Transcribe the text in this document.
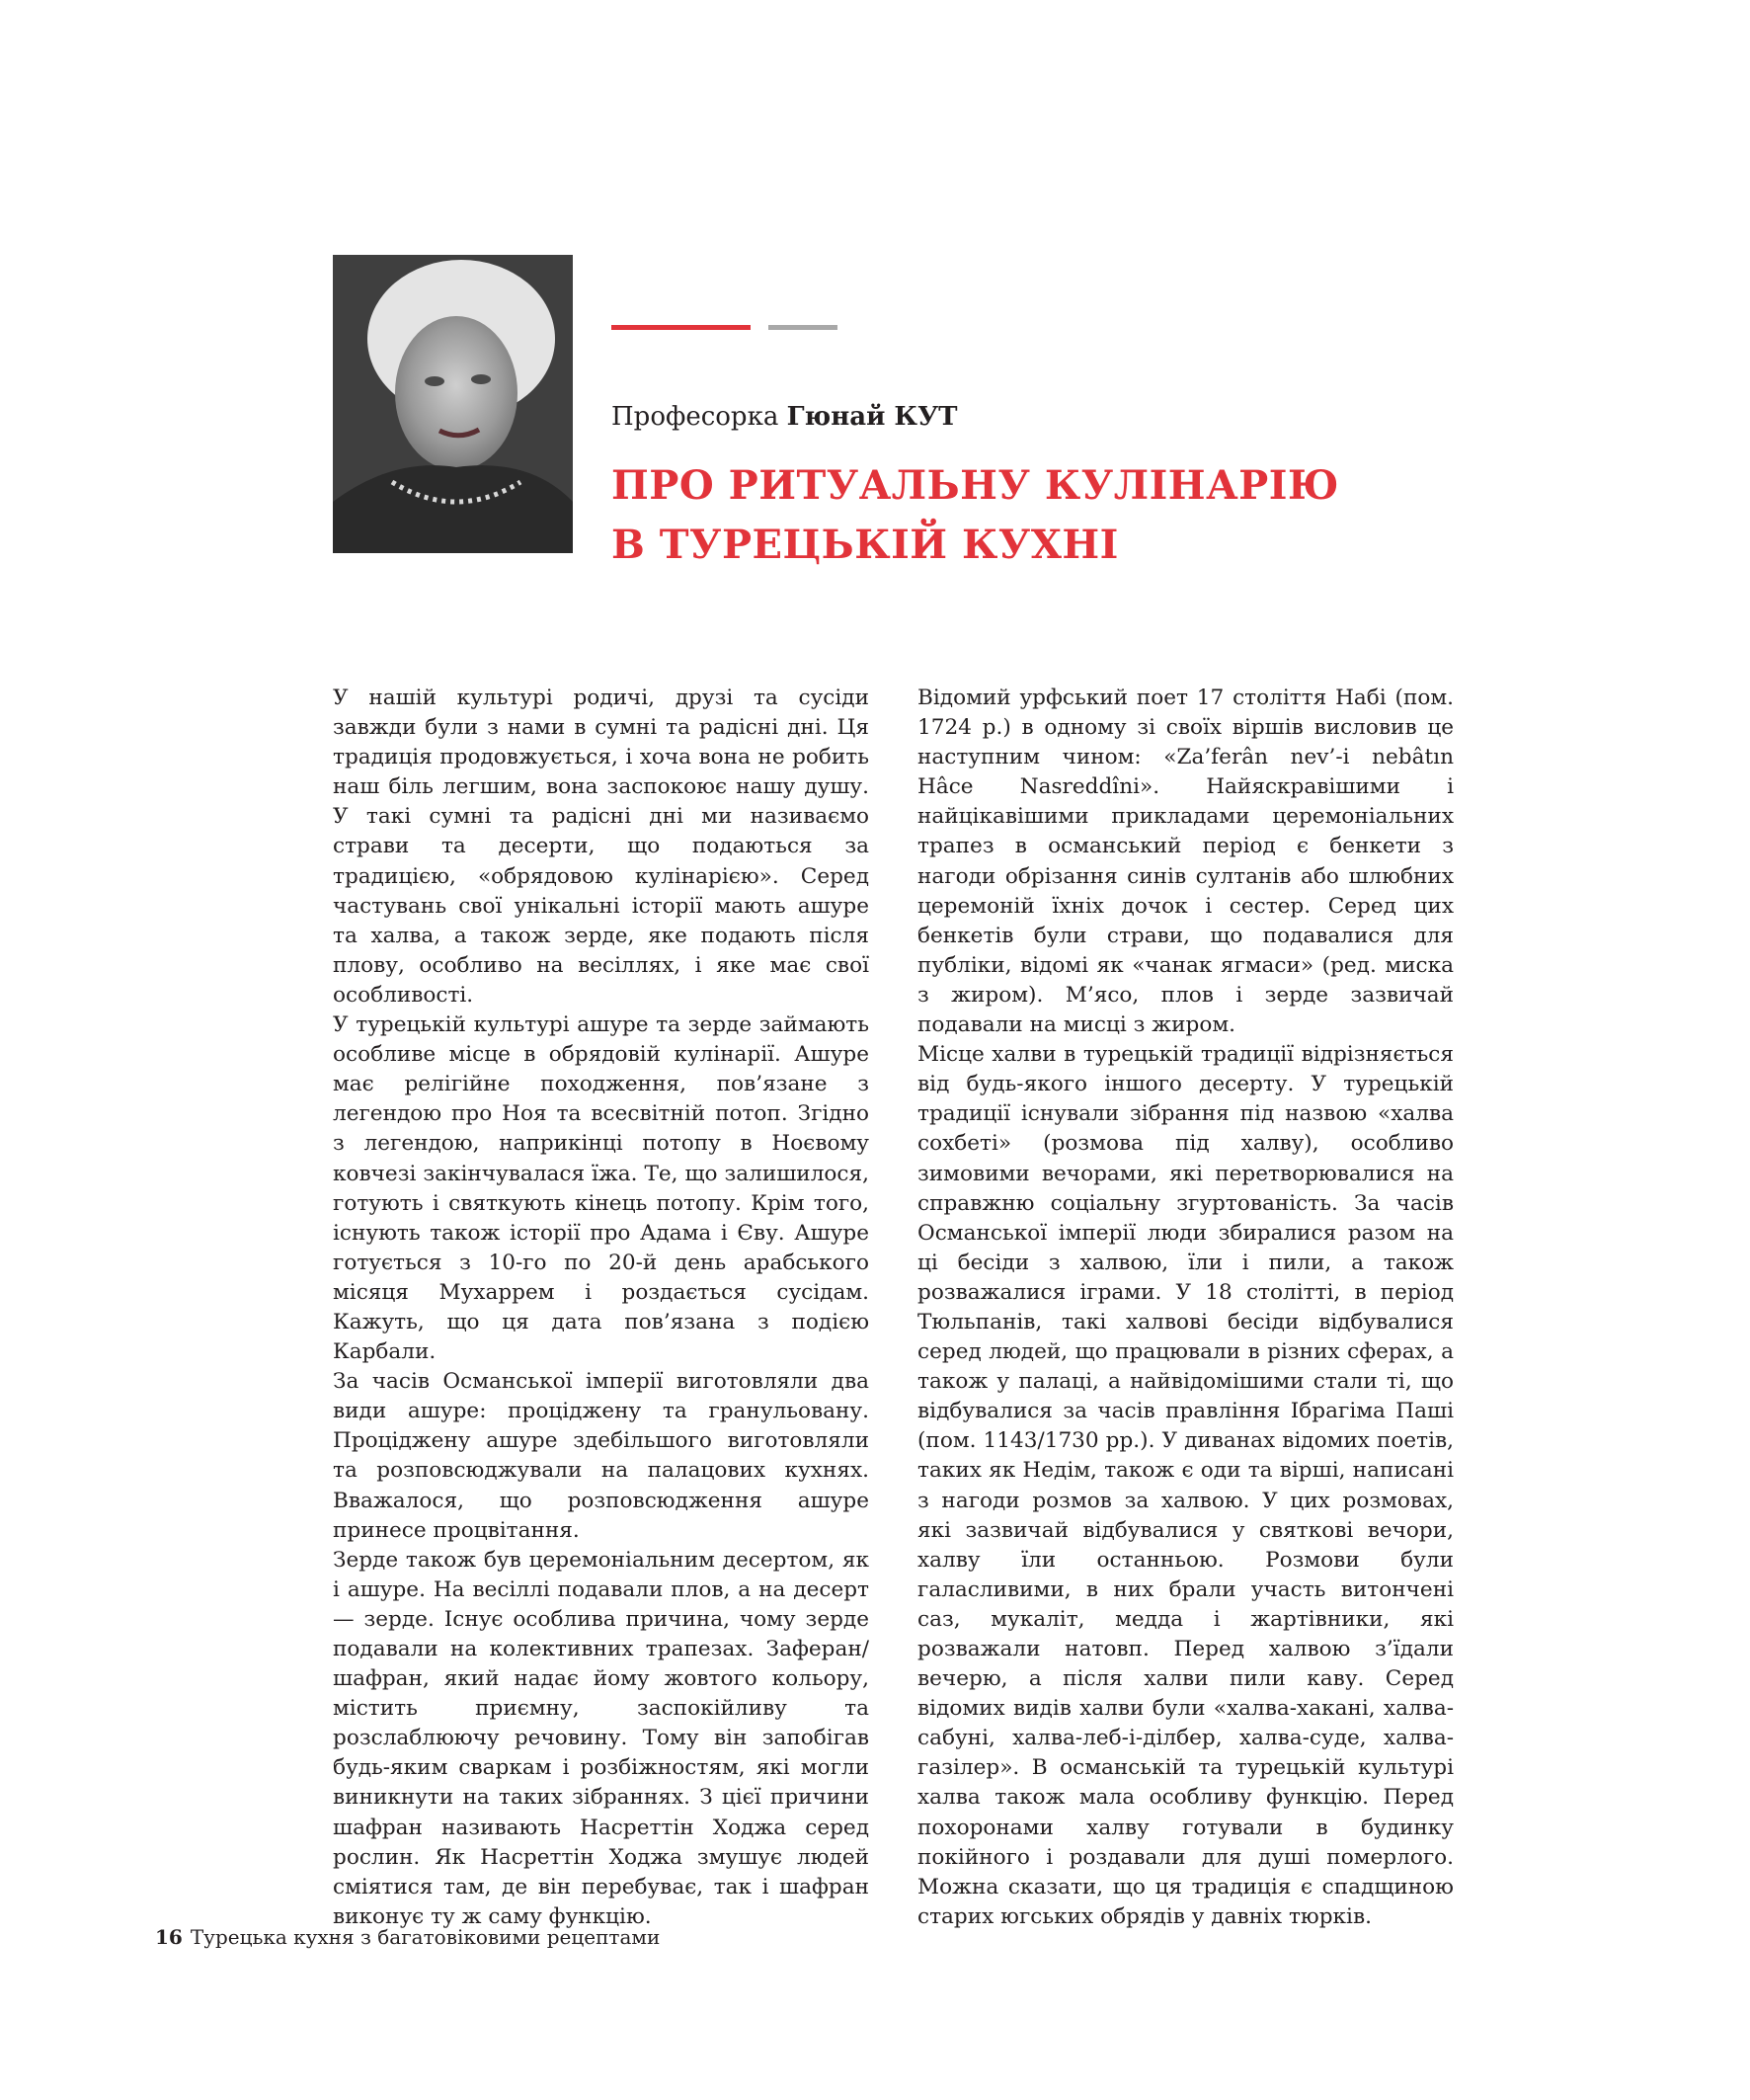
Професорка Гюнай КУТ
ПРО РИТУАЛЬНУ КУЛІНАРІЮ
В ТУРЕЦЬКІЙ КУХНІ

У нашій культурі родичі, друзі та сусіди завжди були з нами в сумні та радісні дні. Ця традиція продовжується, і хоча вона не робить наш біль легшим, вона заспокоює нашу душу. У такі сумні та радісні дні ми називаємо страви та десерти, що подаються за традицією, «обрядовою кулінарією». Серед частувань свої унікальні історії мають ашуре та халва, а також зерде, яке подають після плову, особливо на весіллях, і яке має свої особливості.

У турецькій культурі ашуре та зерде займають особливе місце в обрядовій кулінарії. Ашуре має релігійне походження, пов’язане з легендою про Ноя та всесвітній потоп. Згідно з легендою, наприкінці потопу в Ноєвому ковчезі закінчувалася їжа. Те, що залишилося, готують і святкують кінець потопу. Крім того, існують також історії про Адама і Єву. Ашуре готується з 10-го по 20-й день арабського місяця Мухаррем і роздається сусідам. Кажуть, що ця дата пов’язана з подією Карбали.

За часів Османської імперії виготовляли два види ашуре: проціджену та гранульовану. Проціджену ашуре здебільшого виготовляли та розповсюджували на палацових кухнях. Вважалося, що розповсюдження ашуре принесе процвітання.

Зерде також був церемоніальним десертом, як і ашуре. На весіллі подавали плов, а на десерт — зерде. Існує особлива причина, чому зерде подавали на колективних трапезах. Заферан/шафран, який надає йому жовтого кольору, містить приємну, заспокійливу та розслаблюючу речовину. Тому він запобігав будь-яким сваркам і розбіжностям, які могли виникнути на таких зібраннях. З цієї причини шафран називають Насреттін Ходжа серед рослин. Як Насреттін Ходжа змушує людей сміятися там, де він перебуває, так і шафран виконує ту ж саму функцію.

Відомий урфський поет 17 століття Набі (пом. 1724 р.) в одному зі своїх віршів висловив це наступним чином: «Za’ferân nev’-i nebâtın Hâce Nasreddîni». Найяскравішими і найцікавішими прикладами церемоніальних трапез в османський період є бенкети з нагоди обрізання синів султанів або шлюбних церемоній їхніх дочок і сестер. Серед цих бенкетів були страви, що подавалися для публіки, відомі як «чанак ягмаси» (ред. миска з жиром). М’ясо, плов і зерде зазвичай подавали на мисці з жиром.

Місце халви в турецькій традиції відрізняється від будь-якого іншого десерту. У турецькій традиції існували зібрання під назвою «халва сохбеті» (розмова під халву), особливо зимовими вечорами, які перетворювалися на справжню соціальну згуртованість. За часів Османської імперії люди збиралися разом на ці бесіди з халвою, їли і пили, а також розважалися іграми. У 18 столітті, в період Тюльпанів, такі халвові бесіди відбувалися серед людей, що працювали в різних сферах, а також у палаці, а найвідомішими стали ті, що відбувалися за часів правління Ібрагіма Паші (пом. 1143/1730 рр.). У диванах відомих поетів, таких як Недім, також є оди та вірші, написані з нагоди розмов за халвою. У цих розмовах, які зазвичай відбувалися у святкові вечори, халву їли останньою. Розмови були галасливими, в них брали участь витончені саз, мукаліт, медда і жартівники, які розважали натовп. Перед халвою з’їдали вечерю, а після халви пили каву. Серед відомих видів халви були «халва-хакані, халва-сабуні, халва-леб-і-ділбер, халва-суде, халва-газілер». В османській та турецькій культурі халва також мала особливу функцію. Перед похоронами халву готували в будинку покійного і роздавали для душі померлого. Можна сказати, що ця традиція є спадщиною старих югських обрядів у давніх тюрків.

16 Турецька кухня з багатовіковими рецептами
